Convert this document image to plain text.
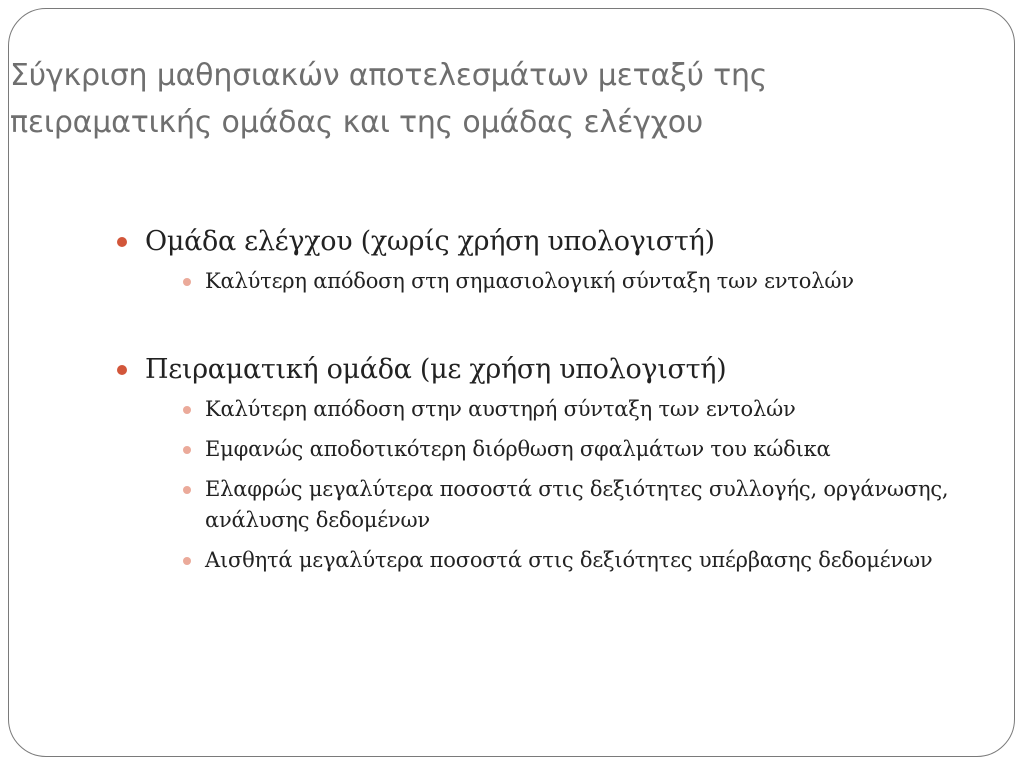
Σύγκριση μαθησιακών αποτελεσμάτων μεταξύ της
πειραματικής ομάδας και της ομάδας ελέγχου
Ομάδα ελέγχου (χωρίς χρήση υπολογιστή)
Καλύτερη απόδοση στη σημασιολογική σύνταξη των εντολών
Πειραματική ομάδα (με χρήση υπολογιστή)
Καλύτερη απόδοση στην αυστηρή σύνταξη των εντολών
Εμφανώς αποδοτικότερη διόρθωση σφαλμάτων του κώδικα
Ελαφρώς μεγαλύτερα ποσοστά στις δεξιότητες συλλογής, οργάνωσης, ανάλυσης δεδομένων
Αισθητά μεγαλύτερα ποσοστά στις δεξιότητες υπέρβασης δεδομένων
